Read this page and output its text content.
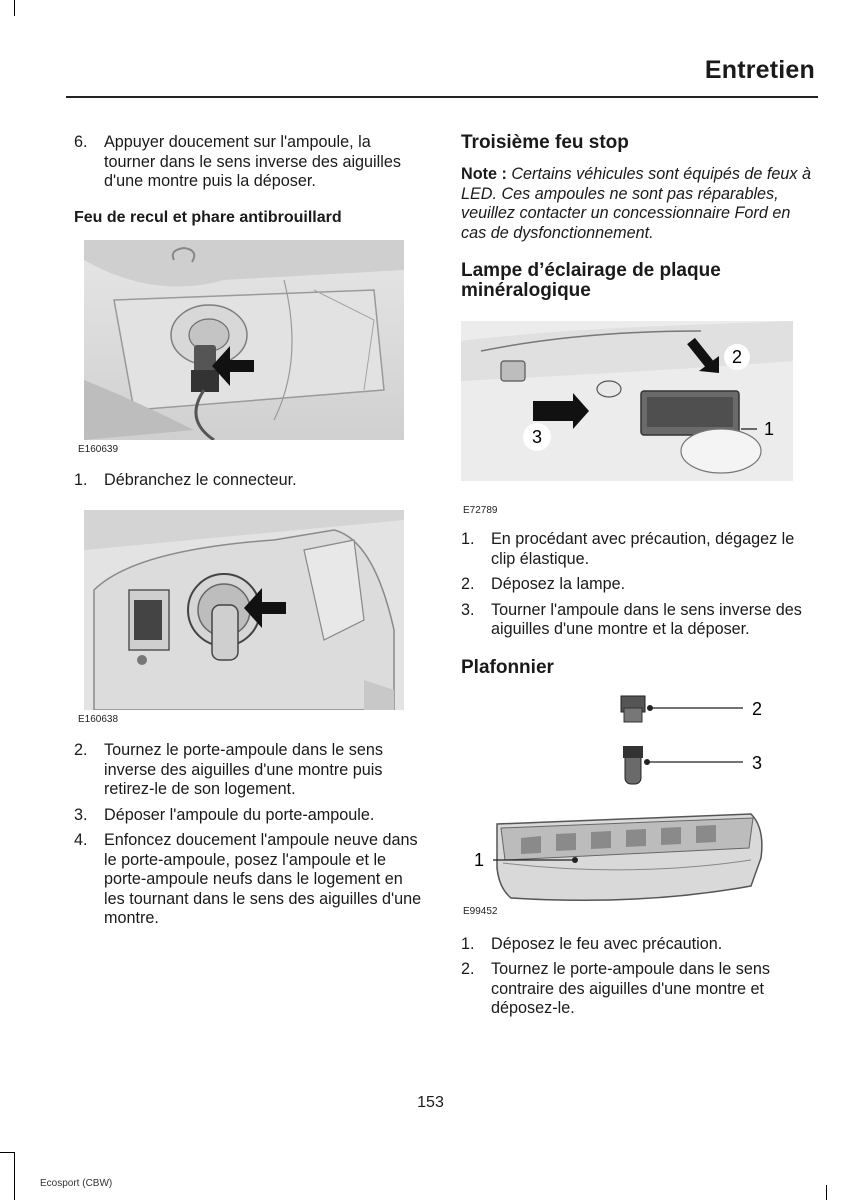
Entretien
6.	Appuyer doucement sur l'ampoule, la tourner dans le sens inverse des aiguilles d'une montre puis la déposer.
Feu de recul et phare antibrouillard

E160639

1.	Débranchez le connecteur.

E160638

2.	Tournez le porte-ampoule dans le sens inverse des aiguilles d'une montre puis retirez-le de son logement.
3.	Déposer l'ampoule du porte-ampoule.
4.	Enfoncez doucement l'ampoule neuve dans le porte-ampoule, posez l'ampoule et le porte-ampoule neufs dans le logement en les tournant dans le sens des aiguilles d'une montre.
Troisième feu stop

Note : Certains véhicules sont équipés de feux à LED. Ces ampoules ne sont pas réparables, veuillez contacter un concessionnaire Ford en cas de dysfonctionnement.

Lampe d’éclairage de plaque minéralogique
2
1
3

E72789

1.	En procédant avec précaution, dégagez le clip élastique.
2.	Déposez la lampe.
3.	Tourner l'ampoule dans le sens inverse des aiguilles d'une montre et la déposer.
Plafonnier
2
3
1

E99452

1.	Déposez le feu avec précaution.
2.	Tournez le porte-ampoule dans le sens contraire des aiguilles d'une montre et déposez-le.
153
Ecosport (CBW)
